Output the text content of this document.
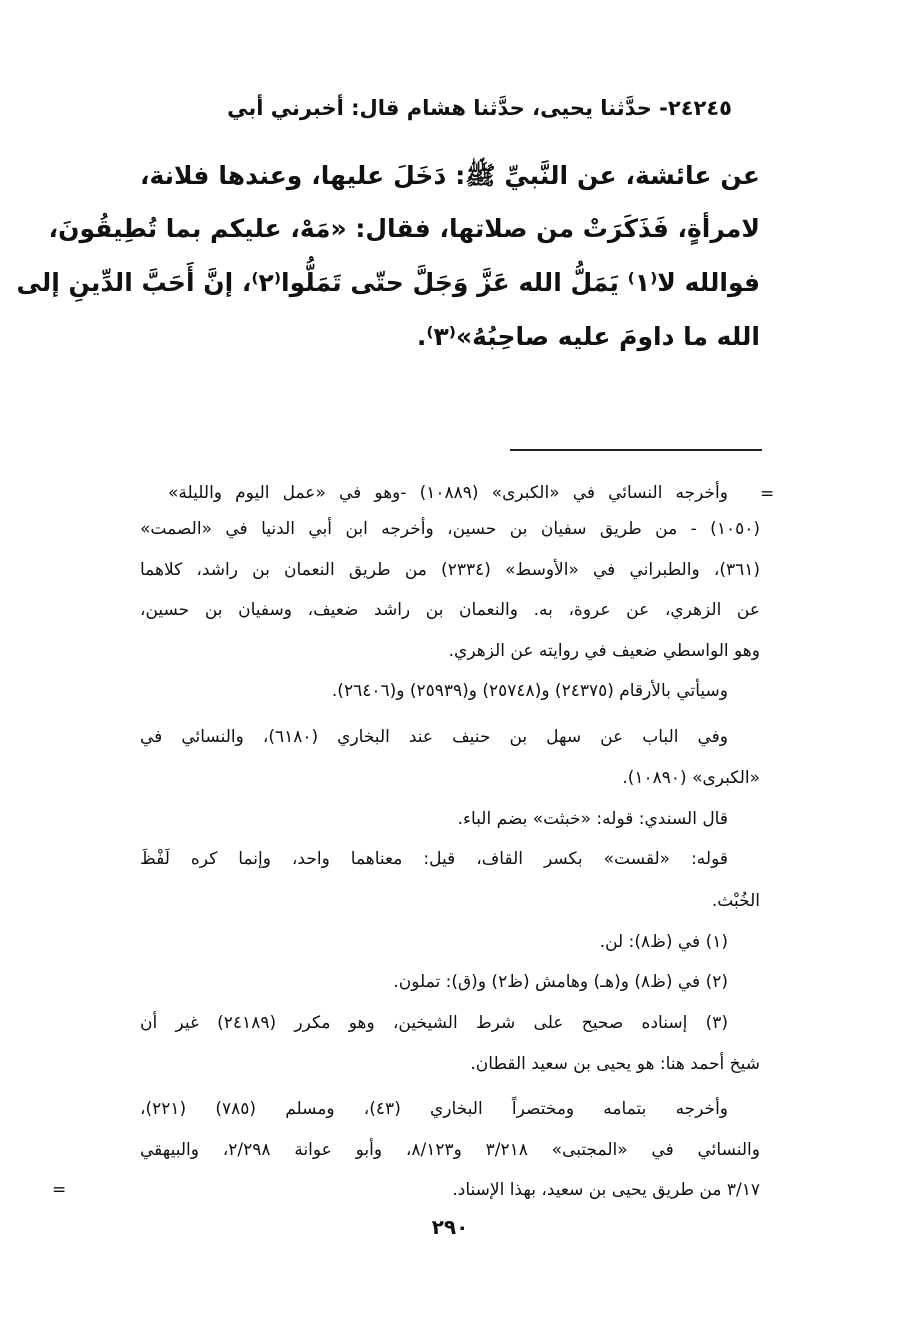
٢٤٢٤٥- حدَّثنا يحيى، حدَّثنا هشام قال: أخبرني أبي
عن عائشة، عن النَّبيِّ ﷺ: دَخَلَ عليها، وعندها فلانة،
لامرأةٍ، فَذَكَرَتْ من صلاتها، فقال: «مَهْ، عليكم بما تُطِيقُونَ،
فوالله لا⁽١⁾ يَمَلُّ الله عَزَّ وَجَلَّ حتّى تَمَلُّوا⁽٢⁾، إنَّ أَحَبَّ الدِّينِ إلى
الله ما داومَ عليه صاحِبُهُ»⁽٣⁾.
=
وأخرجه النسائي في «الكبرى» (١٠٨٨٩) -وهو في «عمل اليوم والليلة»
(١٠٥٠) - من طريق سفيان بن حسين، وأخرجه ابن أبي الدنيا في «الصمت»
(٣٦١)، والطبراني في «الأوسط» (٢٣٣٤) من طريق النعمان بن راشد، كلاهما
عن الزهري، عن عروة، به. والنعمان بن راشد ضعيف، وسفيان بن حسين،
وهو الواسطي ضعيف في روايته عن الزهري.
وسيأتي بالأرقام (٢٤٣٧٥) و(٢٥٧٤٨) و(٢٥٩٣٩) و(٢٦٤٠٦).
وفي الباب عن سهل بن حنيف عند البخاري (٦١٨٠)، والنسائي في
«الكبرى» (١٠٨٩٠).
قال السندي: قوله: «خبثت» بضم الباء.
قوله: «لقست» بكسر القاف، قيل: معناهما واحد، وإنما كره لَفْظَ
الخُبْث.
(١) في (ظ٨): لن.
(٢) في (ظ٨) و(هـ) وهامش (ظ٢) و(ق): تملون.
(٣) إسناده صحيح على شرط الشيخين، وهو مكرر (٢٤١٨٩) غير أن
شيخ أحمد هنا: هو يحيى بن سعيد القطان.
وأخرجه بتمامه ومختصراً البخاري (٤٣)، ومسلم (٧٨٥) (٢٢١)،
والنسائي في «المجتبى» ٣/٢١٨ و٨/١٢٣، وأبو عوانة ٢/٢٩٨، والبيهقي
٣/١٧ من طريق يحيى بن سعيد، بهذا الإسناد.
=
٢٩٠
